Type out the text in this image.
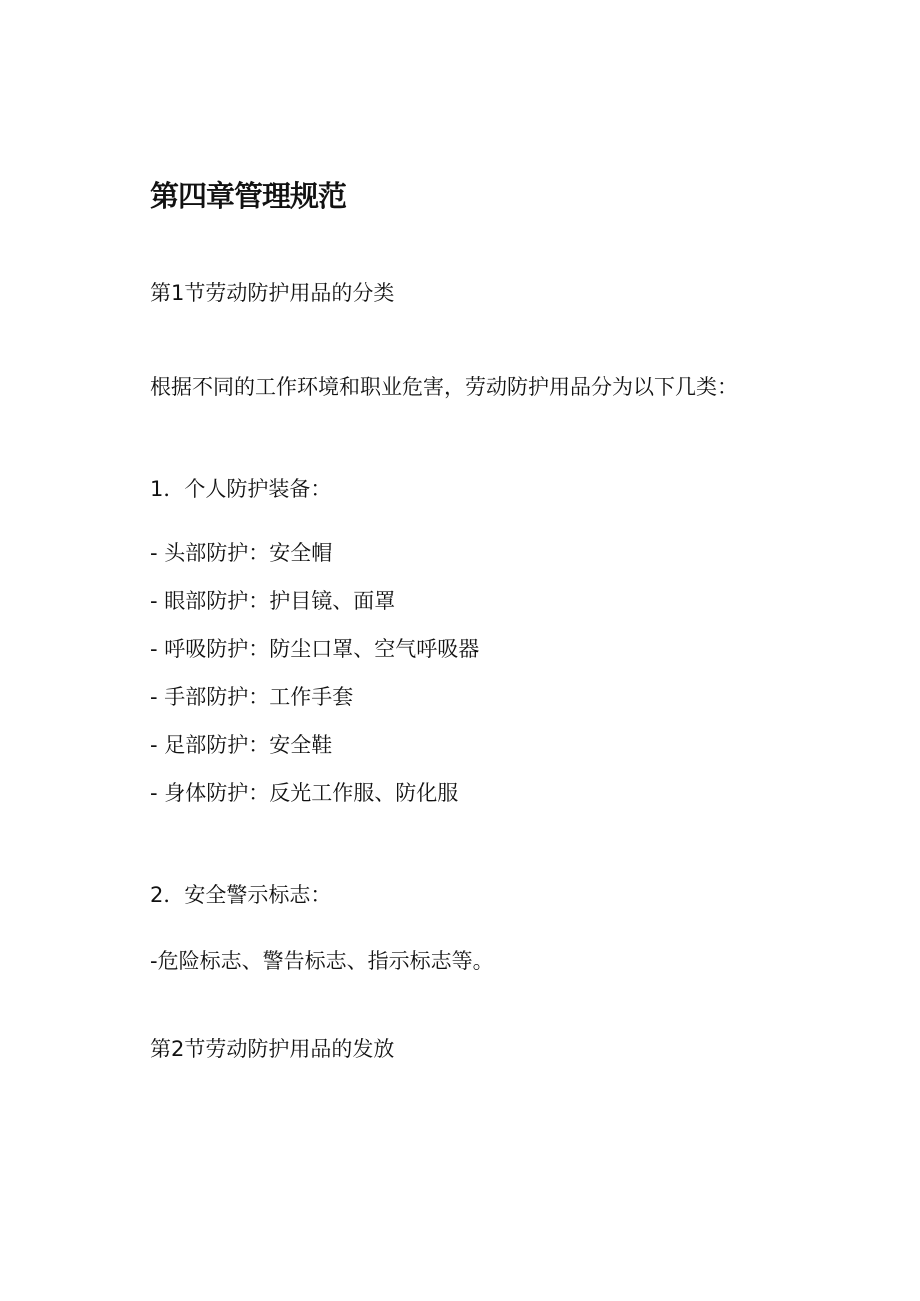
第四章管理规范
第1节劳动防护用品的分类
根据不同的工作环境和职业危害，劳动防护用品分为以下几类：
1．个人防护装备：
- 头部防护：安全帽
- 眼部防护：护目镜、面罩
- 呼吸防护：防尘口罩、空气呼吸器
- 手部防护：工作手套
- 足部防护：安全鞋
- 身体防护：反光工作服、防化服
2．安全警示标志：
-危险标志、警告标志、指示标志等。
第2节劳动防护用品的发放
